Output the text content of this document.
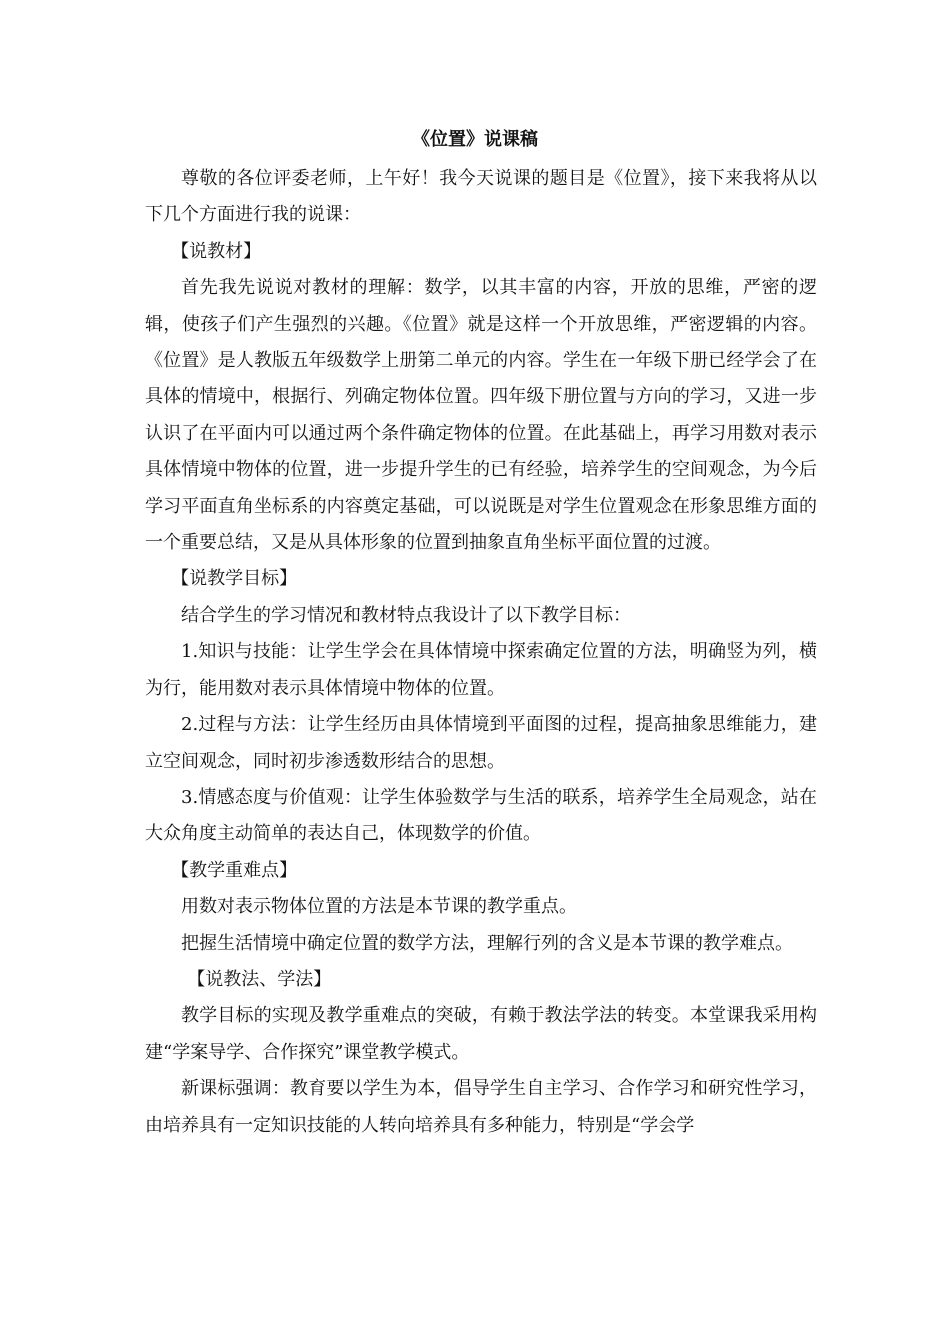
《位置》说课稿

尊敬的各位评委老师，上午好！我今天说课的题目是《位置》，接下来我将从以下几个方面进行我的说课：

【说教材】

首先我先说说对教材的理解：数学，以其丰富的内容，开放的思维，严密的逻辑，使孩子们产生强烈的兴趣。《位置》就是这样一个开放思维，严密逻辑的内容。《位置》是人教版五年级数学上册第二单元的内容。学生在一年级下册已经学会了在具体的情境中，根据行、列确定物体位置。四年级下册位置与方向的学习，又进一步认识了在平面内可以通过两个条件确定物体的位置。在此基础上，再学习用数对表示具体情境中物体的位置，进一步提升学生的已有经验，培养学生的空间观念，为今后学习平面直角坐标系的内容奠定基础，可以说既是对学生位置观念在形象思维方面的一个重要总结，又是从具体形象的位置到抽象直角坐标平面位置的过渡。

【说教学目标】

结合学生的学习情况和教材特点我设计了以下教学目标：

1.知识与技能：让学生学会在具体情境中探索确定位置的方法，明确竖为列，横为行，能用数对表示具体情境中物体的位置。

2.过程与方法：让学生经历由具体情境到平面图的过程，提高抽象思维能力，建立空间观念，同时初步渗透数形结合的思想。

3.情感态度与价值观：让学生体验数学与生活的联系，培养学生全局观念，站在大众角度主动简单的表达自己，体现数学的价值。

【教学重难点】

用数对表示物体位置的方法是本节课的教学重点。

把握生活情境中确定位置的数学方法，理解行列的含义是本节课的教学难点。

【说教法、学法】

教学目标的实现及教学重难点的突破，有赖于教法学法的转变。本堂课我采用构建“学案导学、合作探究”课堂教学模式。

新课标强调：教育要以学生为本，倡导学生自主学习、合作学习和研究性学习，由培养具有一定知识技能的人转向培养具有多种能力，特别是“学会学
